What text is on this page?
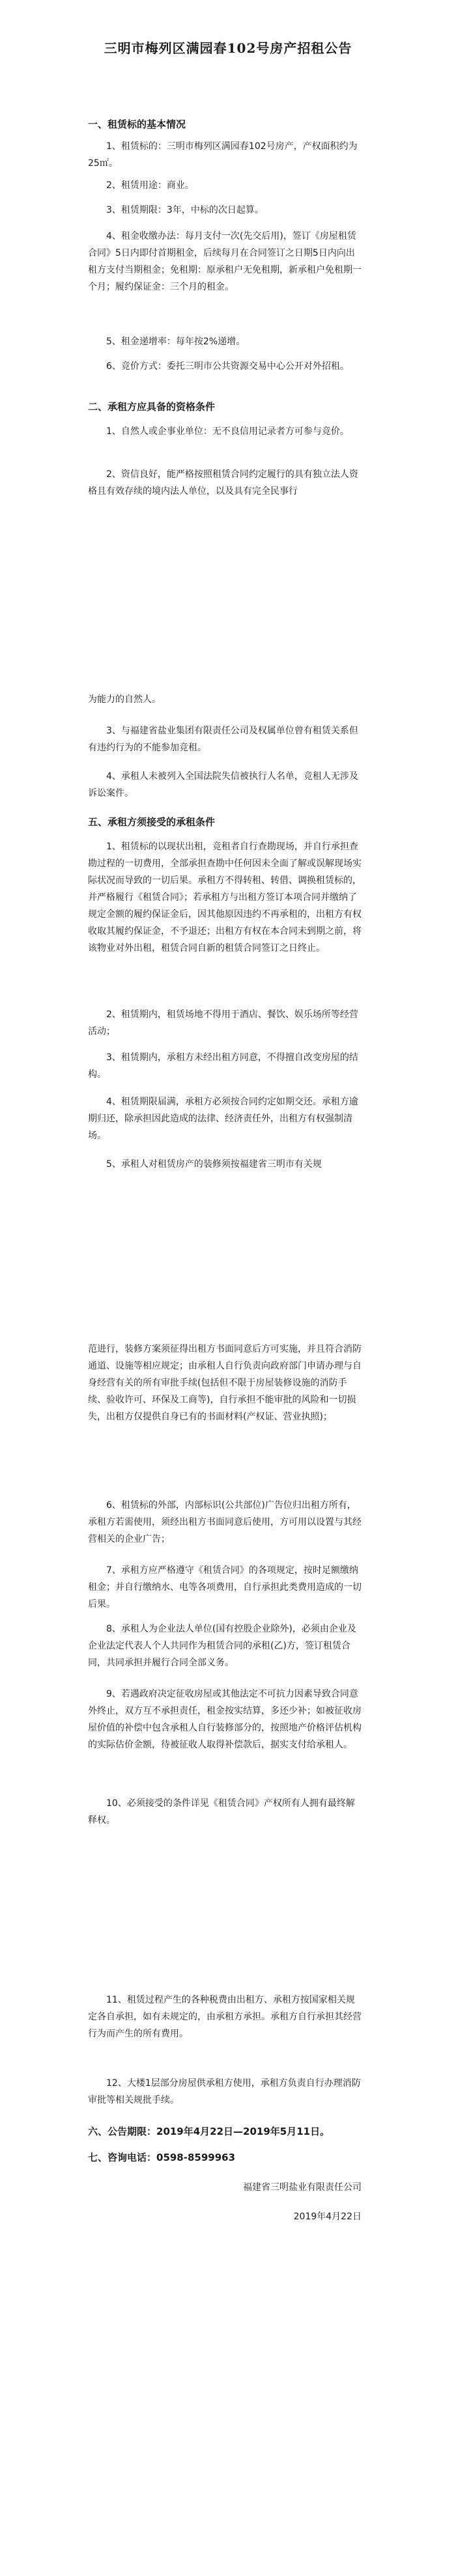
三明市梅列区满园春102号房产招租公告
一、租赁标的基本情况
1、租赁标的：三明市梅列区满园春102号房产，产权面积约为25㎡。
2、租赁用途：商业。
3、租赁期限：3年，中标的次日起算。
4、租金收缴办法：每月支付一次(先交后用)，签订《房屋租赁合同》5日内即付首期租金，后续每月在合同签订之日期5日内向出租方支付当期租金；免租期：原承租户无免租期，新承租户免租期一个月；履约保证金：三个月的租金。
5、租金递增率：每年按2%递增。
6、竞价方式：委托三明市公共资源交易中心公开对外招租。
二、承租方应具备的资格条件
1、自然人或企事业单位：无不良信用记录者方可参与竞价。
2、资信良好，能严格按照租赁合同约定履行的具有独立法人资格且有效存续的境内法人单位，以及具有完全民事行
为能力的自然人。
3、与福建省盐业集团有限责任公司及权属单位曾有租赁关系但有违约行为的不能参加竞租。
4、承租人未被列入全国法院失信被执行人名单，竞租人无涉及诉讼案件。
五、承租方须接受的承租条件
1、租赁标的以现状出租，竞租者自行查勘现场，并自行承担查勘过程的一切费用，全部承担查勘中任何因未全面了解或误解现场实际状况而导致的一切后果。承租方不得转租、转借、调换租赁标的，并严格履行《租赁合同》；若承租方与出租方签订本项合同并缴纳了规定金额的履约保证金后，因其他原因违约不再承租的，出租方有权收取其履约保证金，不予退还；出租方有权在本合同未到期之前，将该物业对外出租，租赁合同自新的租赁合同签订之日终止。
2、租赁期内，租赁场地不得用于酒店、餐饮、娱乐场所等经营活动；
3、租赁期内，承租方未经出租方同意，不得擅自改变房屋的结构。
4、租赁期限届满，承租方必须按合同约定如期交还。承租方逾期归还，除承担因此造成的法律、经济责任外，出租方有权强制清场。
5、承租人对租赁房产的装修须按福建省三明市有关规
范进行，装修方案须征得出租方书面同意后方可实施，并且符合消防通道、设施等相应规定；由承租人自行负责向政府部门申请办理与自身经营有关的所有审批手续(包括但不限于房屋装修设施的消防手续、验收许可、环保及工商等)，自行承担不能审批的风险和一切损失，出租方仅提供自身已有的书面材料(产权证、营业执照)；
6、租赁标的外部，内部标识(公共部位)广告位归出租方所有，承租方若需使用，须经出租方书面同意后使用，方可用以设置与其经营相关的企业广告；
7、承租方应严格遵守《租赁合同》的各项规定，按时足额缴纳租金；并自行缴纳水、电等各项费用，自行承担此类费用造成的一切后果。
8、承租人为企业法人单位(国有控股企业除外)，必须由企业及企业法定代表人个人共同作为租赁合同的承租(乙)方，签订租赁合同，共同承担并履行合同全部义务。
9、若遇政府决定征收房屋或其他法定不可抗力因素导致合同意外终止，双方互不承担责任，租金按实结算，多还少补；如被征收房屋价值的补偿中包含承租人自行装修部分的，按照地产价格评估机构的实际估价金额，待被征收人取得补偿款后，据实支付给承租人。
10、必须接受的条件详见《租赁合同》产权所有人拥有最终解释权。
11、租赁过程产生的各种税费由出租方、承租方按国家相关规定各自承担，如有未规定的，由承租方承担。承租方自行承担其经营行为而产生的所有费用。
12、大楼1层部分房屋供承租方使用，承租方负责自行办理消防审批等相关规批手续。
六、公告期限：2019年4月22日—2019年5月11日。
七、咨询电话：0598-8599963
福建省三明盐业有限责任公司
2019年4月22日
